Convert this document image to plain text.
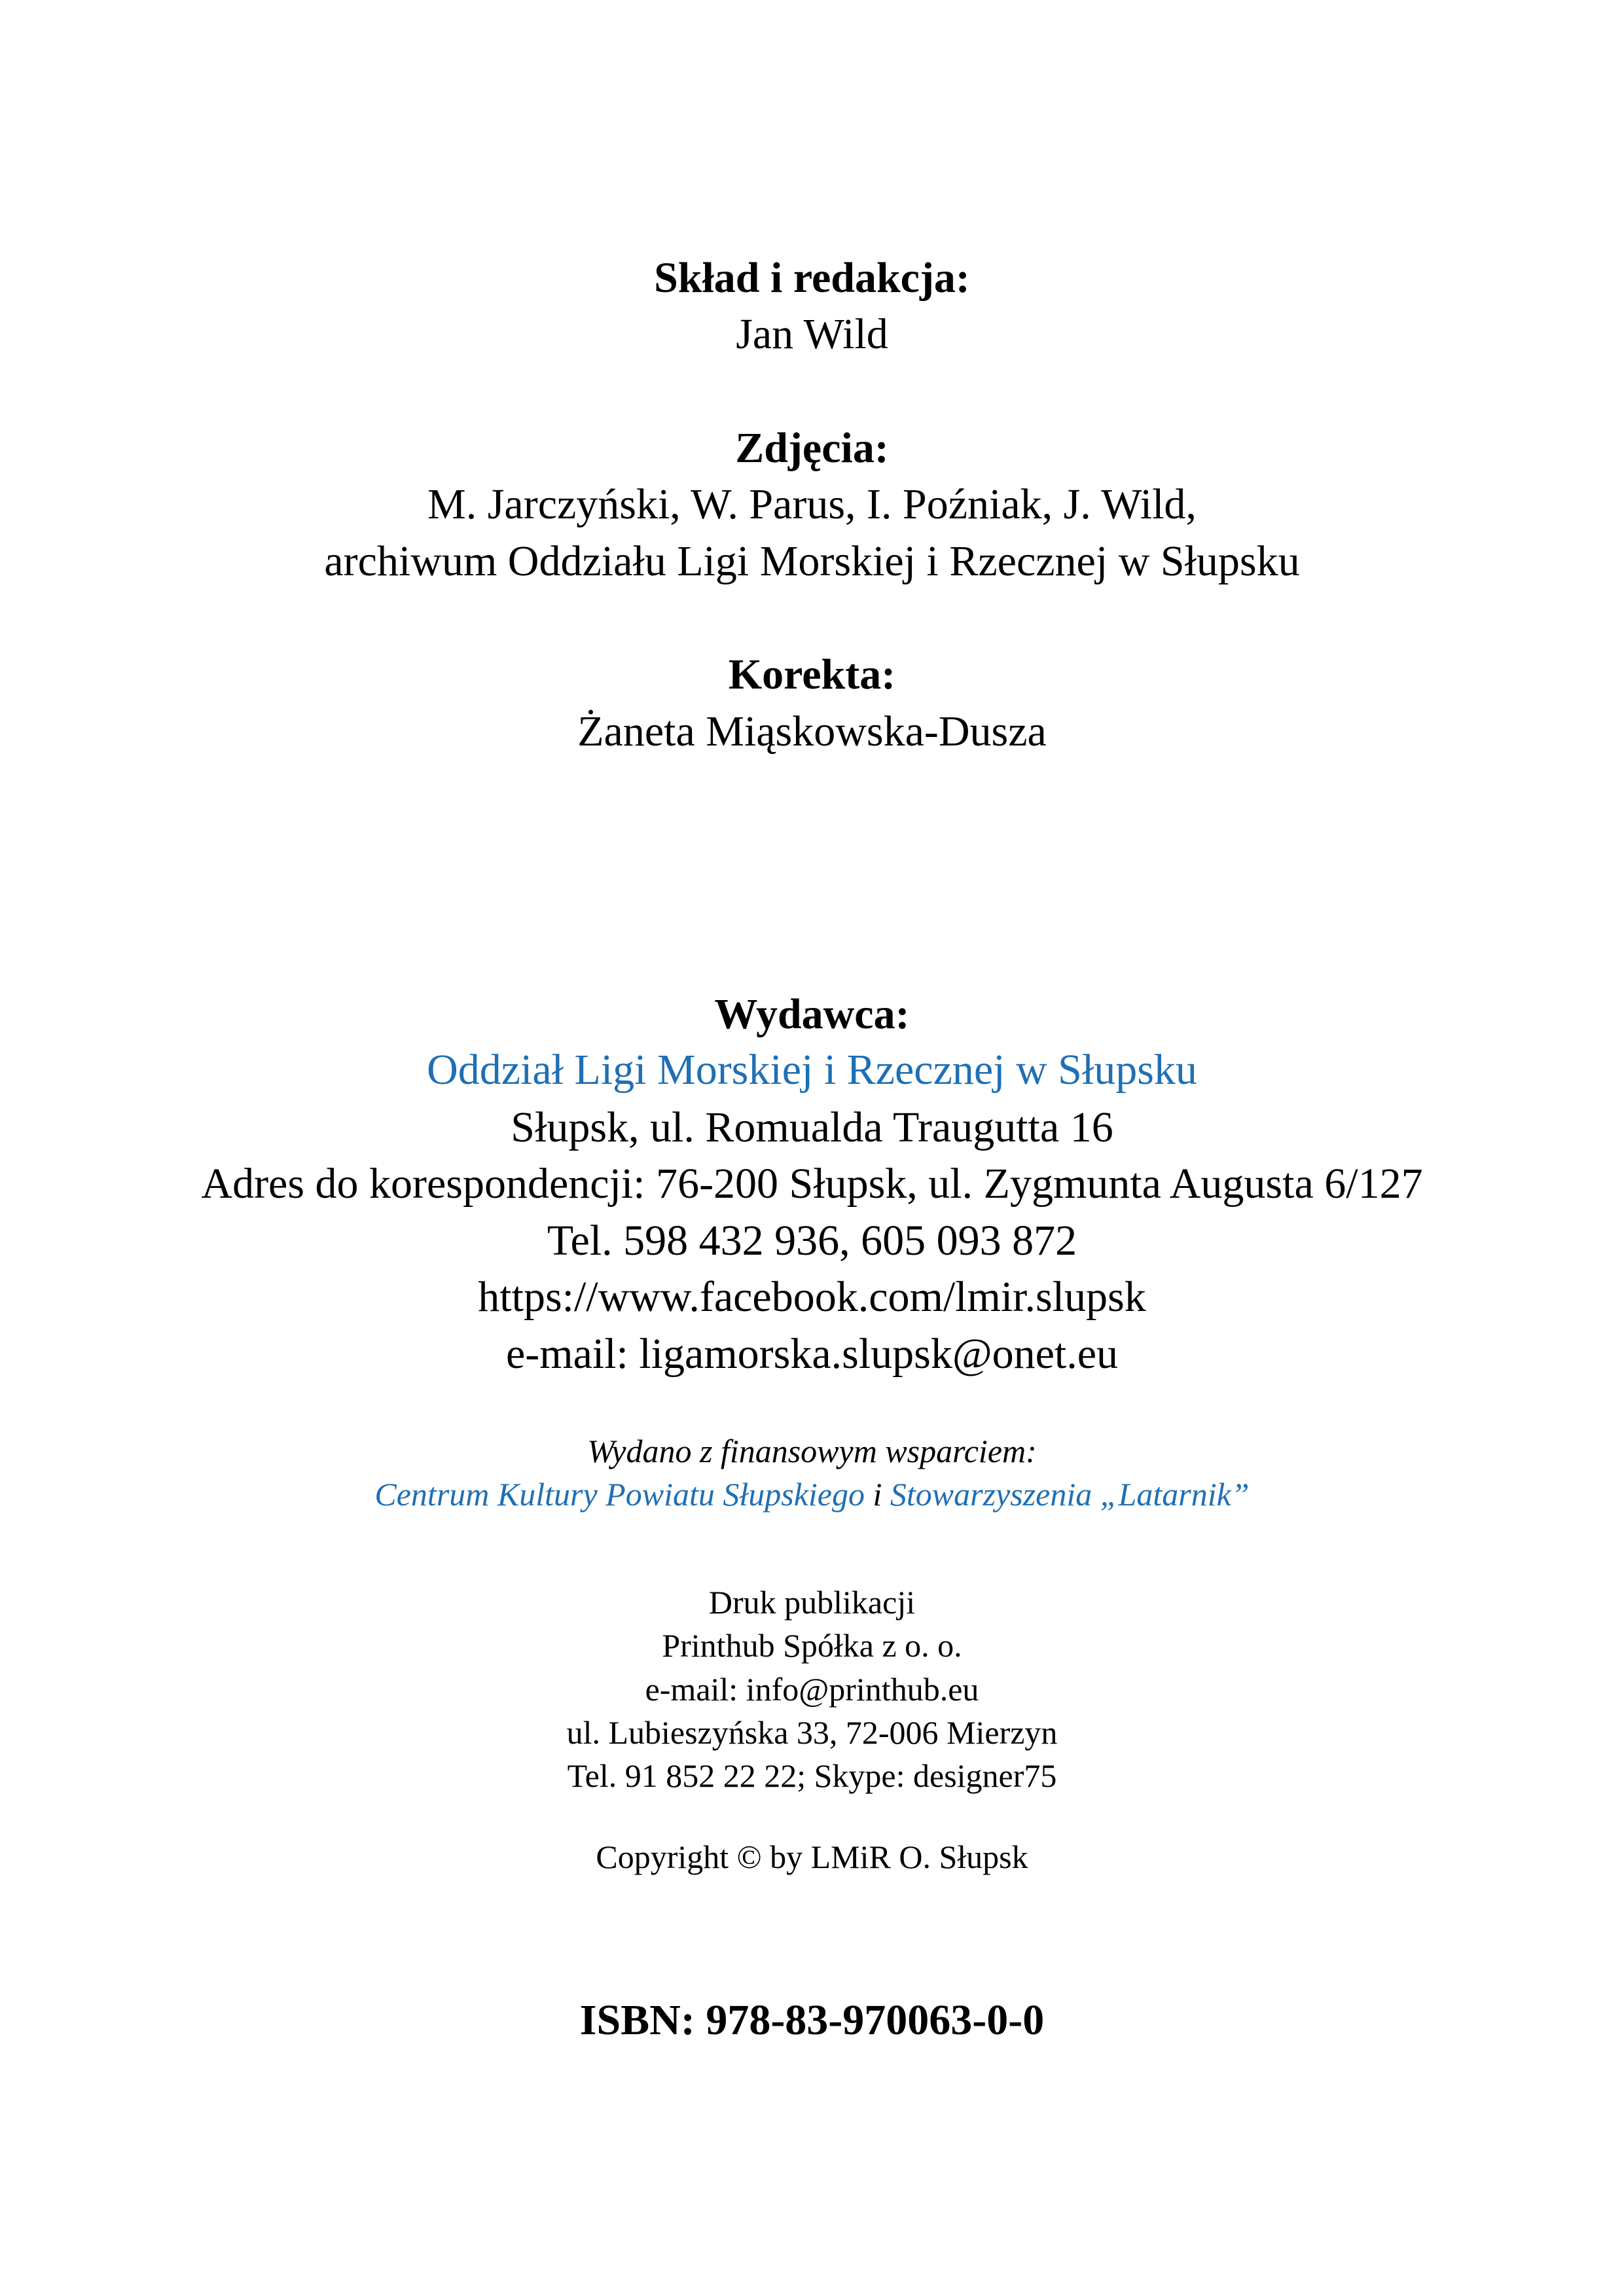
Skład i redakcja:
Jan Wild
Zdjęcia:
M. Jarczyński, W. Parus, I. Poźniak, J. Wild,
archiwum Oddziału Ligi Morskiej i Rzecznej w Słupsku
Korekta:
Żaneta Miąskowska-Dusza
Wydawca:
Oddział Ligi Morskiej i Rzecznej w Słupsku
Słupsk, ul. Romualda Traugutta 16
Adres do korespondencji: 76-200 Słupsk, ul. Zygmunta Augusta 6/127
Tel. 598 432 936, 605 093 872
https://www.facebook.com/lmir.slupsk
e-mail: ligamorska.slupsk@onet.eu
Wydano z finansowym wsparciem:
Centrum Kultury Powiatu Słupskiego i Stowarzyszenia „Latarnik”
Druk publikacji
Printhub Spółka z o. o.
e-mail: info@printhub.eu
ul. Lubieszyńska 33, 72-006 Mierzyn
Tel. 91 852 22 22; Skype: designer75
Copyright © by LMiR O. Słupsk
ISBN: 978-83-970063-0-0
